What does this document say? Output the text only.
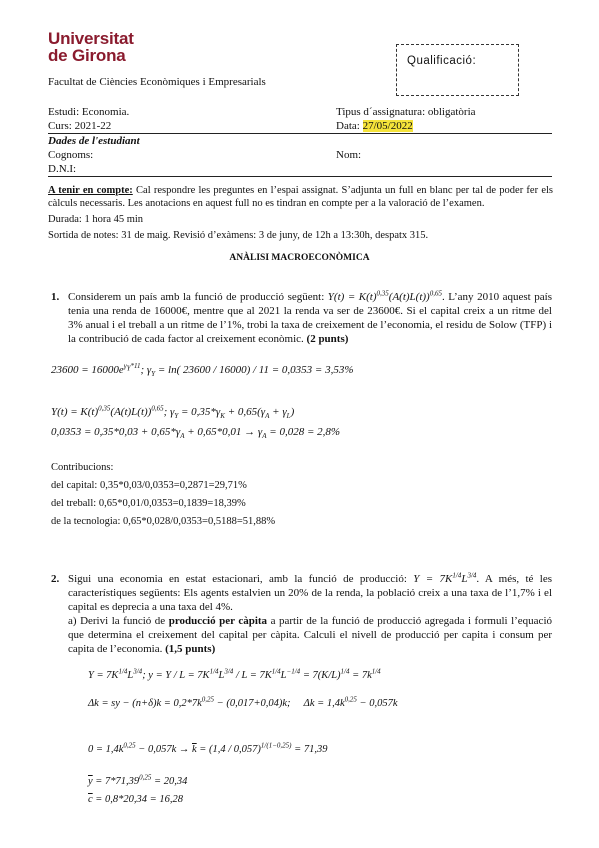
Universitat
de Girona	Qualificació:
Facultat de Ciències Econòmiques i Empresarials
Estudi: Economia.	Tipus d´assignatura: obligatòria
Curs: 2021-22	Data: 27/05/2022
Dades de l'estudiant
Cognoms:	Nom:
D.N.I:
A tenir en compte: Cal respondre les preguntes en l’espai assignat. S’adjunta un full en blanc per tal de poder fer els càlculs necessaris. Les anotacions en aquest full no es tindran en compte per a la valoració de l’examen.
Durada: 1 hora 45 min
Sortida de notes: 31 de maig. Revisió d’exàmens: 3 de juny, de 12h a 13:30h, despatx 315.
ANÀLISI MACROECONÒMICA
1. Considerem un país amb la funció de producció següent: $Y(t) = K(t)^{0,35}(A(t)L(t))^{0,65}$. L’any 2010 aquest país tenia una renda de 16000€, mentre que al 2021 la renda va ser de 23600€. Si el capital creix a un ritme del 3% anual i el treball a un ritme de l’1%, trobi la taxa de creixement de l’economia, el residu de Solow (TFP) i la contribució de cada factor al creixement econòmic. (2 punts)
$23600 = 16000e^{\gamma_Y*11}$; $\gamma_Y = \ln$( 23600 / 16000) / 11 = 0,0353 = 3,53%
$Y(t) = K(t)^{0,35}(A(t)L(t))^{0,65}$; $\gamma_Y = 0,35*\gamma_K + 0,65(\gamma_A + \gamma_L)$
$0,0353 = 0,35*0,03 + 0,65*\gamma_A + 0,65*0,01 \to \gamma_A = 0,028 = 2,8\%$
Contribucions:
del capital: 0,35*0,03/0,0353=0,2871=29,71%
del treball: 0,65*0,01/0,0353=0,1839=18,39%
de la tecnologia: 0,65*0,028/0,0353=0,5188=51,88%
2. Sigui una economia en estat estacionari, amb la funció de producció: $Y = 7K^{1/4}L^{3/4}$. A més, té les característiques següents: Els agents estalvien un 20% de la renda, la població creix a una taxa de l’1,7% i el capital es deprecia a una taxa del 4%.
a) Derivi la funció de producció per càpita a partir de la funció de producció agregada i formuli l’equació que determina el creixement del capital per càpita. Calculi el nivell de producció per capita i consum per capita de l’economia. (1,5 punts)
$Y = 7K^{1/4}L^{3/4}$; $y = Y / L = 7K^{1/4}L^{3/4} / L = 7K^{1/4}L^{-1/4} = 7(K/L)^{1/4} = 7k^{1/4}$
Δk = sy − $(n+\delta)k = 0,2*7k^{0,25} - (0,017+0,04)k$;     $\Delta k = 1,4k^{0,25} - 0,057k$
$0 = 1,4k^{0,25} - 0,057k \to \overline{k} = (1,4 / 0,057)^{1/(1-0,25)} = 71,39$
$\overline{y} = 7*71,39^{0,25} = 20,34$
$\overline{c} = 0,8*20,34 = 16,28$
